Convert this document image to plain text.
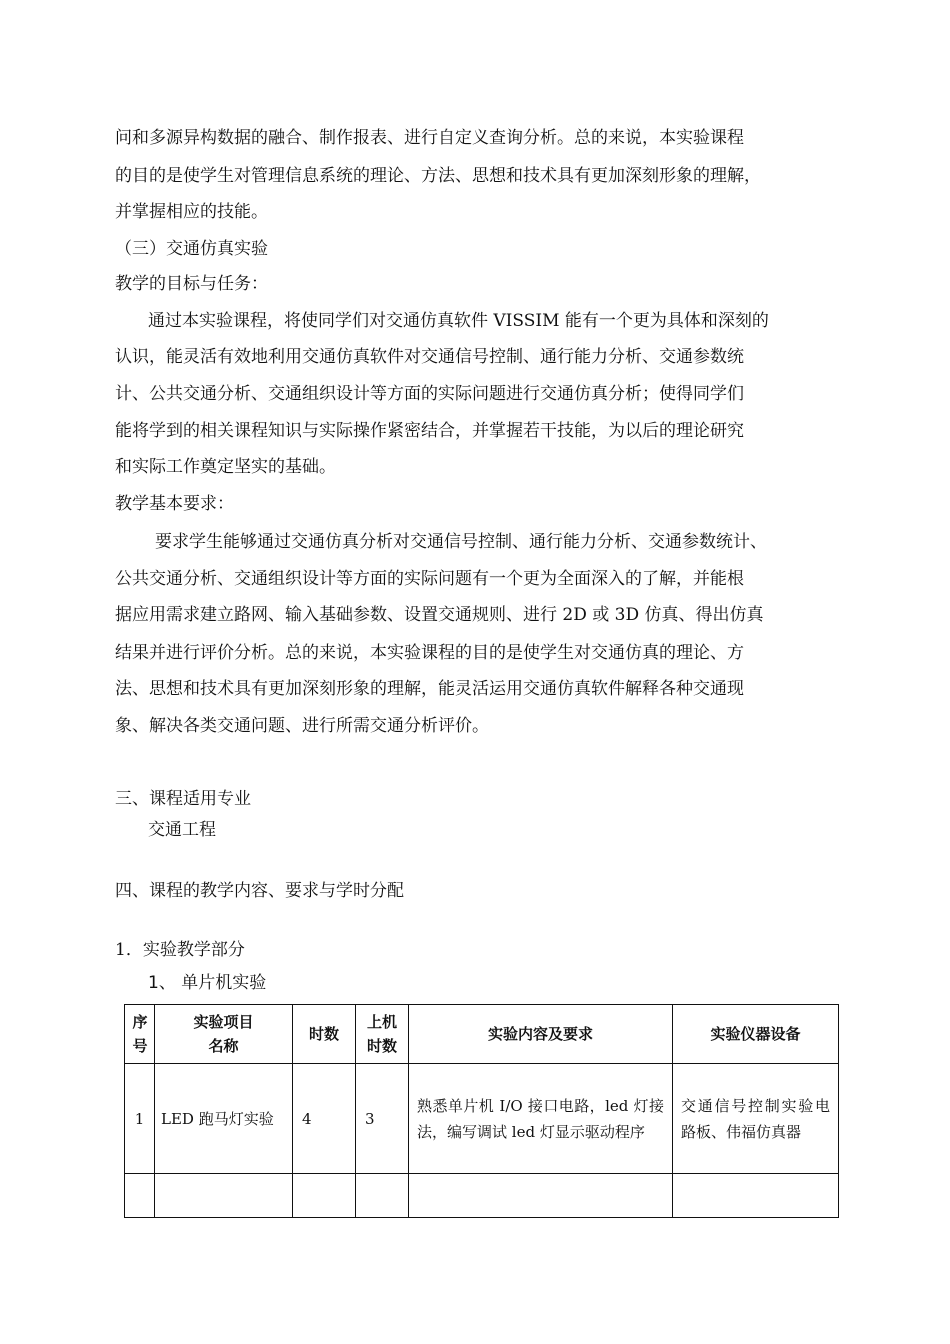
问和多源异构数据的融合、制作报表、进行自定义查询分析。总的来说，本实验课程
的目的是使学生对管理信息系统的理论、方法、思想和技术具有更加深刻形象的理解，
并掌握相应的技能。
（三）交通仿真实验
教学的目标与任务：
通过本实验课程，将使同学们对交通仿真软件 VISSIM 能有一个更为具体和深刻的
认识，能灵活有效地利用交通仿真软件对交通信号控制、通行能力分析、交通参数统
计、公共交通分析、交通组织设计等方面的实际问题进行交通仿真分析；使得同学们
能将学到的相关课程知识与实际操作紧密结合，并掌握若干技能，为以后的理论研究
和实际工作奠定坚实的基础。
教学基本要求：
要求学生能够通过交通仿真分析对交通信号控制、通行能力分析、交通参数统计、
公共交通分析、交通组织设计等方面的实际问题有一个更为全面深入的了解，并能根
据应用需求建立路网、输入基础参数、设置交通规则、进行 2D 或 3D 仿真、得出仿真
结果并进行评价分析。总的来说，本实验课程的目的是使学生对交通仿真的理论、方
法、思想和技术具有更加深刻形象的理解，能灵活运用交通仿真软件解释各种交通现
象、解决各类交通问题、进行所需交通分析评价。
三、课程适用专业
交通工程
四、课程的教学内容、要求与学时分配
1．实验教学部分
1、 单片机实验
序号	实验项目名称	时数	上机时数	实验内容及要求	实验仪器设备
1	LED 跑马灯实验	4	3	熟悉单片机 I/O 接口电路，led 灯接法，编写调试 led 灯显示驱动程序	交通信号控制实验电路板、伟福仿真器
